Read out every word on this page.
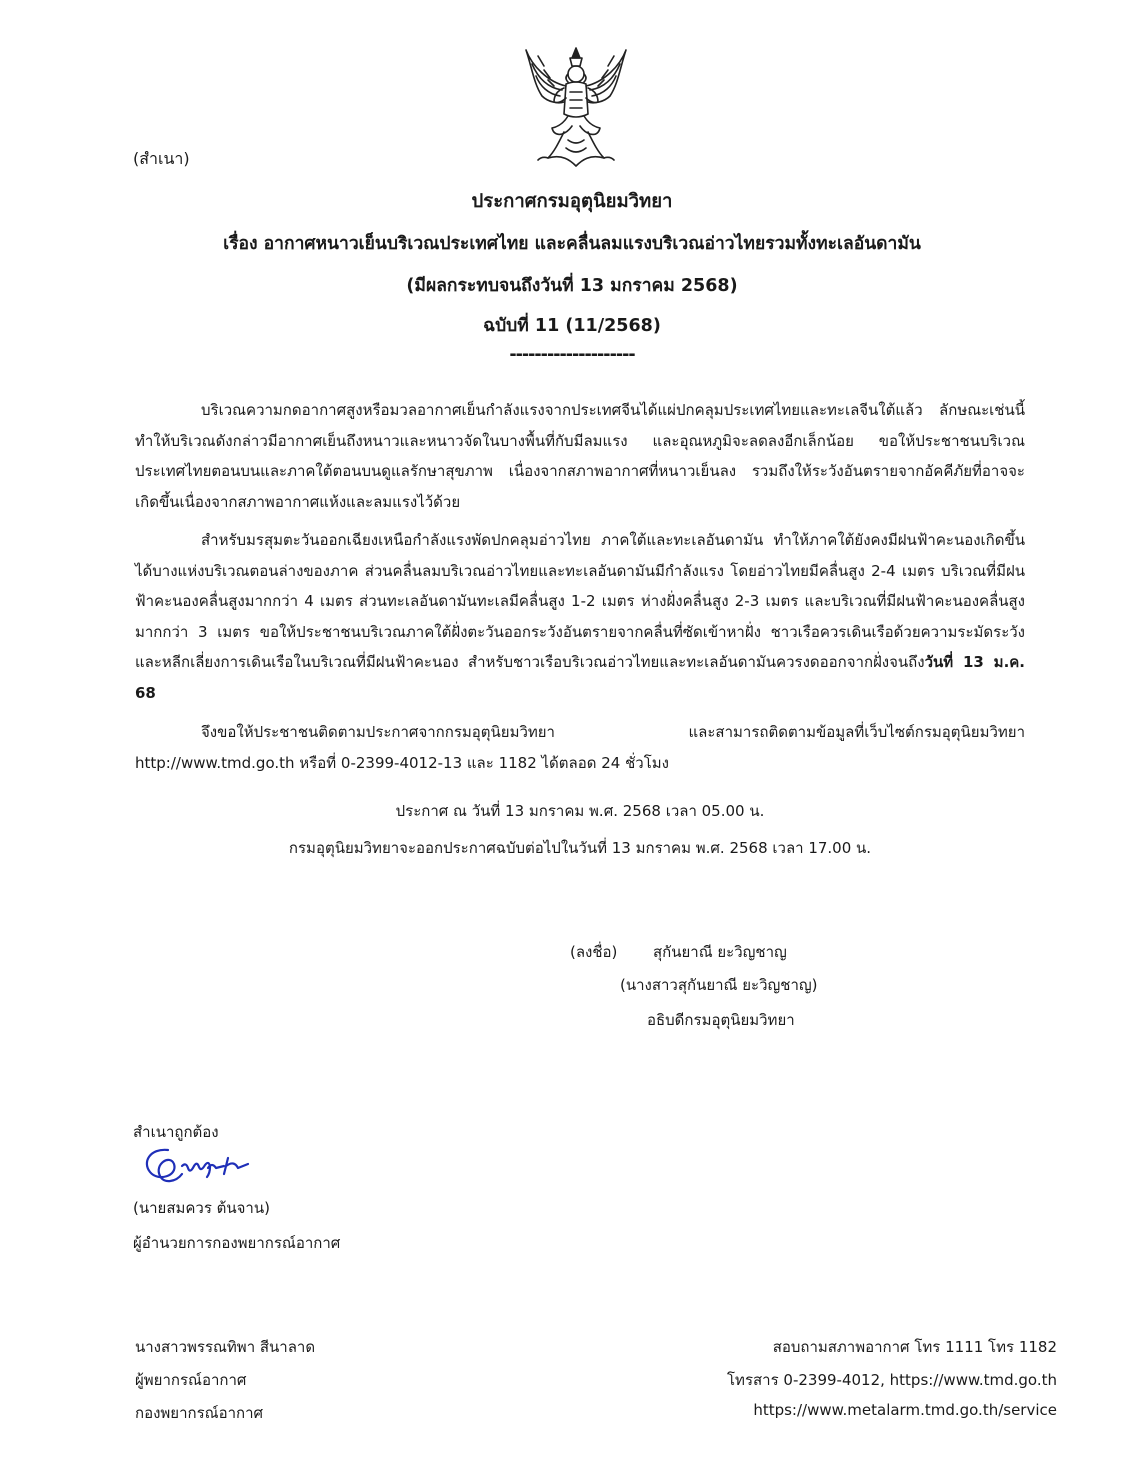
(สำเนา)
ประกาศกรมอุตุนิยมวิทยา
เรื่อง อากาศหนาวเย็นบริเวณประเทศไทย และคลื่นลมแรงบริเวณอ่าวไทยรวมทั้งทะเลอันดามัน
(มีผลกระทบจนถึงวันที่ 13 มกราคม 2568)
ฉบับที่ 11 (11/2568)
--------------------

บริเวณความกดอากาศสูงหรือมวลอากาศเย็นกำลังแรงจากประเทศจีนได้แผ่ปกคลุมประเทศไทยและทะเลจีนใต้แล้ว ลักษณะเช่นนี้ทำให้บริเวณดังกล่าวมีอากาศเย็นถึงหนาวและหนาวจัดในบางพื้นที่กับมีลมแรง และอุณหภูมิจะลดลงอีกเล็กน้อย ขอให้ประชาชนบริเวณประเทศไทยตอนบนและภาคใต้ตอนบนดูแลรักษาสุขภาพ เนื่องจากสภาพอากาศที่หนาวเย็นลง รวมถึงให้ระวังอันตรายจากอัคคีภัยที่อาจจะเกิดขึ้นเนื่องจากสภาพอากาศแห้งและลมแรงไว้ด้วย

สำหรับมรสุมตะวันออกเฉียงเหนือกำลังแรงพัดปกคลุมอ่าวไทย ภาคใต้และทะเลอันดามัน ทำให้ภาคใต้ยังคงมีฝนฟ้าคะนองเกิดขึ้นได้บางแห่งบริเวณตอนล่างของภาค ส่วนคลื่นลมบริเวณอ่าวไทยและทะเลอันดามันมีกำลังแรง โดยอ่าวไทยมีคลื่นสูง 2-4 เมตร บริเวณที่มีฝนฟ้าคะนองคลื่นสูงมากกว่า 4 เมตร ส่วนทะเลอันดามันทะเลมีคลื่นสูง 1-2 เมตร ห่างฝั่งคลื่นสูง 2-3 เมตร และบริเวณที่มีฝนฟ้าคะนองคลื่นสูงมากกว่า 3 เมตร ขอให้ประชาชนบริเวณภาคใต้ฝั่งตะวันออกระวังอันตรายจากคลื่นที่ซัดเข้าหาฝั่ง ชาวเรือควรเดินเรือด้วยความระมัดระวังและหลีกเลี่ยงการเดินเรือในบริเวณที่มีฝนฟ้าคะนอง สำหรับชาวเรือบริเวณอ่าวไทยและทะเลอันดามันควรงดออกจากฝั่งจนถึงวันที่ 13 ม.ค. 68

จึงขอให้ประชาชนติดตามประกาศจากกรมอุตุนิยมวิทยา และสามารถติดตามข้อมูลที่เว็บไซต์กรมอุตุนิยมวิทยา http://www.tmd.go.th หรือที่ 0-2399-4012-13 และ 1182 ได้ตลอด 24 ชั่วโมง

ประกาศ ณ วันที่ 13 มกราคม พ.ศ. 2568 เวลา 05.00 น.
กรมอุตุนิยมวิทยาจะออกประกาศฉบับต่อไปในวันที่ 13 มกราคม พ.ศ. 2568 เวลา 17.00 น.
(ลงชื่อ) สุกันยาณี ยะวิญชาญ
(นางสาวสุกันยาณี ยะวิญชาญ)
อธิบดีกรมอุตุนิยมวิทยา
สำเนาถูกต้อง
(นายสมควร ต้นจาน)
ผู้อำนวยการกองพยากรณ์อากาศ
นางสาวพรรณทิพา สีนาลาด
ผู้พยากรณ์อากาศ
กองพยากรณ์อากาศ
สอบถามสภาพอากาศ โทร 1111 โทร 1182
โทรสาร 0-2399-4012, https://www.tmd.go.th
https://www.metalarm.tmd.go.th/service
